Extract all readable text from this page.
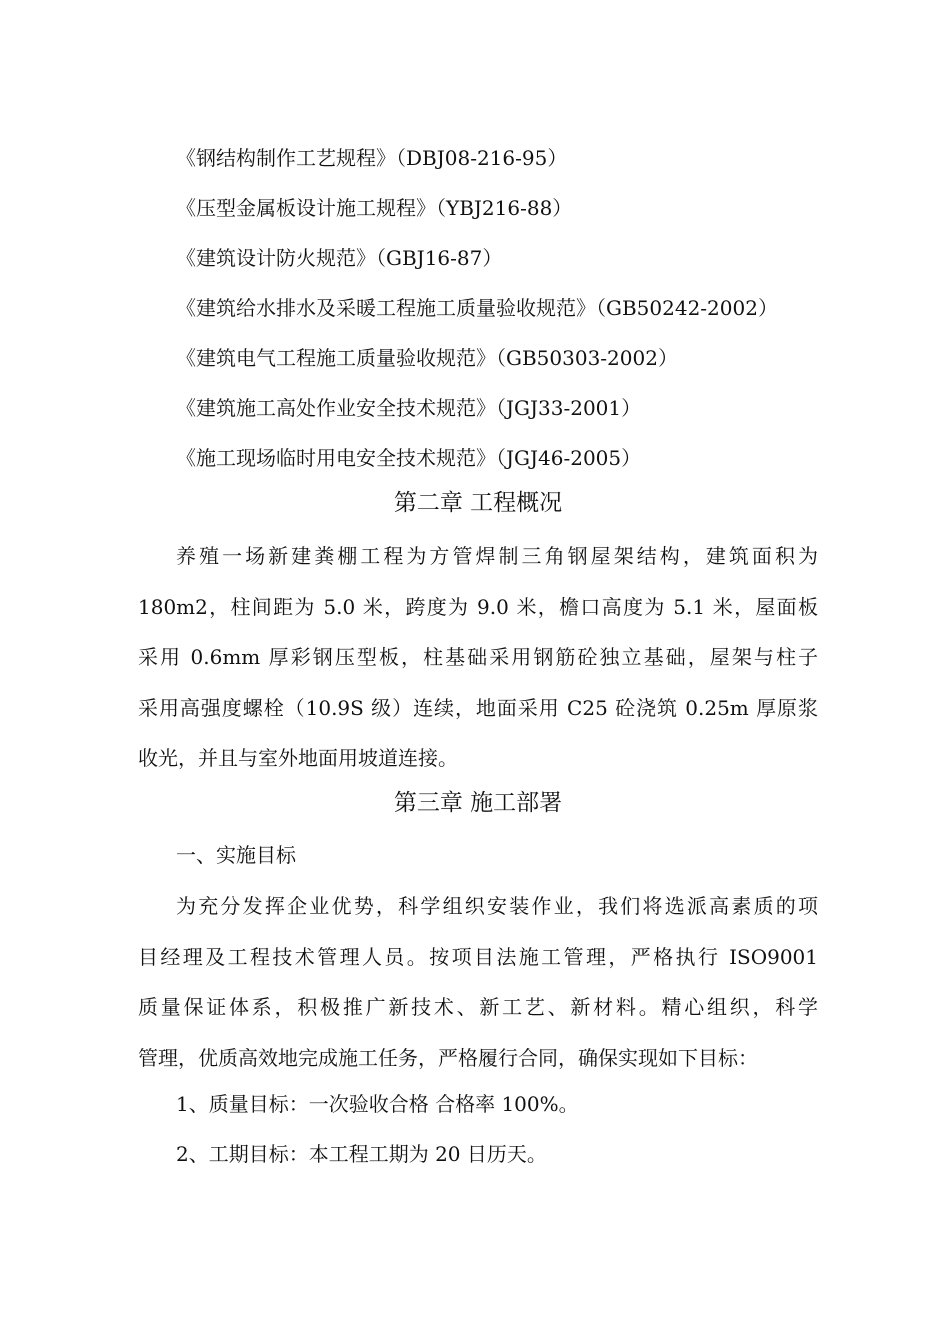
《钢结构制作工艺规程》（DBJ08-216-95）
《压型金属板设计施工规程》（YBJ216-88）
《建筑设计防火规范》（GBJ16-87）
《建筑给水排水及采暖工程施工质量验收规范》（GB50242-2002）
《建筑电气工程施工质量验收规范》（GB50303-2002）
《建筑施工高处作业安全技术规范》（JGJ33-2001）
《施工现场临时用电安全技术规范》（JGJ46-2005）
第二章 工程概况
养殖一场新建粪棚工程为方管焊制三角钢屋架结构，建筑面积为
180m2，柱间距为 5.0 米，跨度为 9.0 米，檐口高度为 5.1 米，屋面板
采用 0.6mm 厚彩钢压型板，柱基础采用钢筋砼独立基础，屋架与柱子
采用高强度螺栓（10.9S 级）连续，地面采用 C25 砼浇筑 0.25m 厚原浆
收光，并且与室外地面用坡道连接。
第三章 施工部署
一、实施目标
为充分发挥企业优势，科学组织安装作业，我们将选派高素质的项
目经理及工程技术管理人员。按项目法施工管理，严格执行 ISO9001
质量保证体系，积极推广新技术、新工艺、新材料。精心组织，科学
管理，优质高效地完成施工任务，严格履行合同，确保实现如下目标：
1、质量目标：一次验收合格 合格率 100%。
2、工期目标：本工程工期为 20 日历天。
